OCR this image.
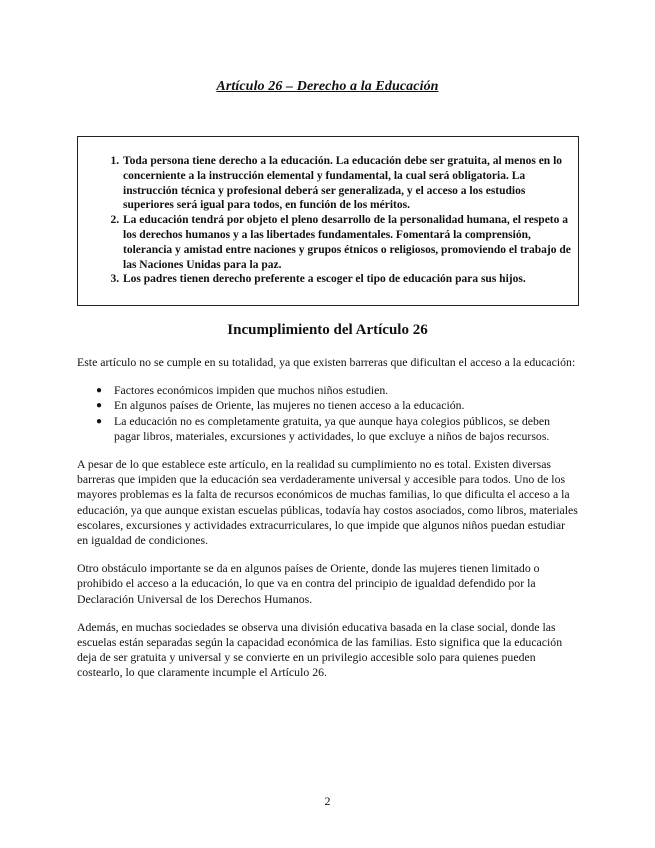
Artículo 26 – Derecho a la Educación
1. Toda persona tiene derecho a la educación. La educación debe ser gratuita, al menos en lo concerniente a la instrucción elemental y fundamental, la cual será obligatoria. La instrucción técnica y profesional deberá ser generalizada, y el acceso a los estudios superiores será igual para todos, en función de los méritos.
2. La educación tendrá por objeto el pleno desarrollo de la personalidad humana, el respeto a los derechos humanos y a las libertades fundamentales. Fomentará la comprensión, tolerancia y amistad entre naciones y grupos étnicos o religiosos, promoviendo el trabajo de las Naciones Unidas para la paz.
3. Los padres tienen derecho preferente a escoger el tipo de educación para sus hijos.
Incumplimiento del Artículo 26

Este artículo no se cumple en su totalidad, ya que existen barreras que dificultan el acceso a la educación:

● Factores económicos impiden que muchos niños estudien.
● En algunos países de Oriente, las mujeres no tienen acceso a la educación.
● La educación no es completamente gratuita, ya que aunque haya colegios públicos, se deben pagar libros, materiales, excursiones y actividades, lo que excluye a niños de bajos recursos.

A pesar de lo que establece este artículo, en la realidad su cumplimiento no es total. Existen diversas barreras que impiden que la educación sea verdaderamente universal y accesible para todos. Uno de los mayores problemas es la falta de recursos económicos de muchas familias, lo que dificulta el acceso a la educación, ya que aunque existan escuelas públicas, todavía hay costos asociados, como libros, materiales escolares, excursiones y actividades extracurriculares, lo que impide que algunos niños puedan estudiar en igualdad de condiciones.

Otro obstáculo importante se da en algunos países de Oriente, donde las mujeres tienen limitado o prohibido el acceso a la educación, lo que va en contra del principio de igualdad defendido por la Declaración Universal de los Derechos Humanos.

Además, en muchas sociedades se observa una división educativa basada en la clase social, donde las escuelas están separadas según la capacidad económica de las familias. Esto significa que la educación deja de ser gratuita y universal y se convierte en un privilegio accesible solo para quienes pueden costearlo, lo que claramente incumple el Artículo 26.

2
